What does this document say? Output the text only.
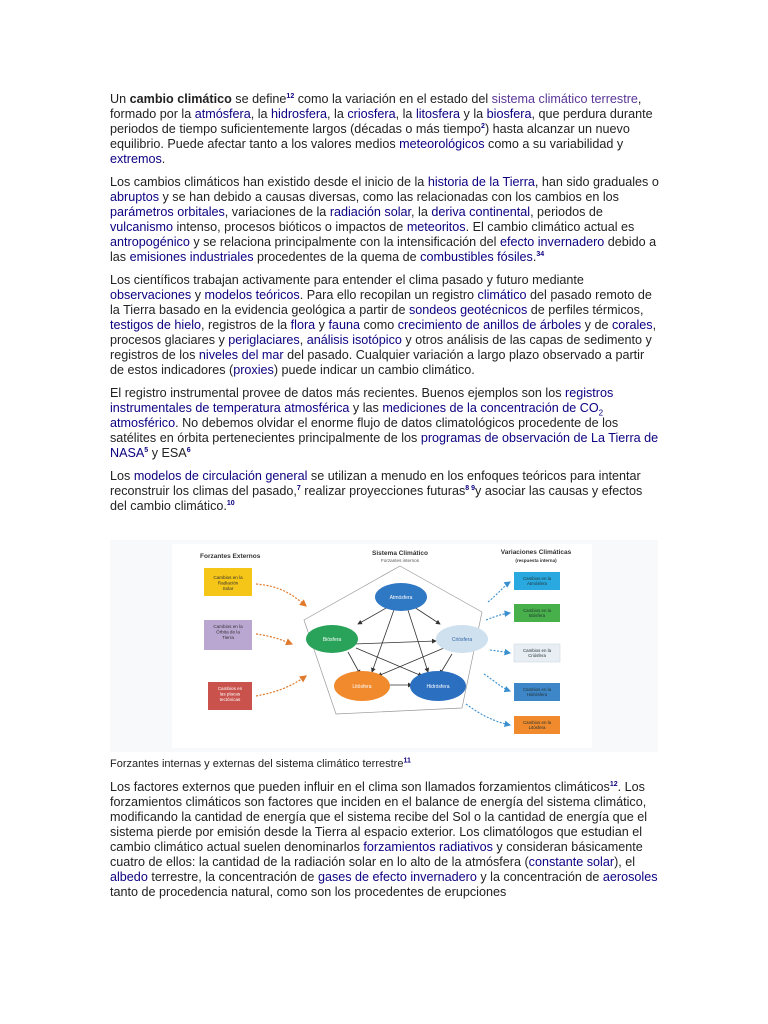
Un cambio climático se define$^{12}$ como la variación en el estado del sistema climático terrestre, formado por la atmósfera, la hidrosfera, la criosfera, la litosfera y la biosfera, que perdura durante periodos de tiempo suficientemente largos (décadas o más tiempo$^2$) hasta alcanzar un nuevo equilibrio. Puede afectar tanto a los valores medios meteorológicos como a su variabilidad y extremos.

Los cambios climáticos han existido desde el inicio de la historia de la Tierra, han sido graduales o abruptos y se han debido a causas diversas, como las relacionadas con los cambios en los parámetros orbitales, variaciones de la radiación solar, la deriva continental, periodos de vulcanismo intenso, procesos bióticos o impactos de meteoritos. El cambio climático actual es antropogénico y se relaciona principalmente con la intensificación del efecto invernadero debido a las emisiones industriales procedentes de la quema de combustibles fósiles.$^{34}$

Los científicos trabajan activamente para entender el clima pasado y futuro mediante observaciones y modelos teóricos. Para ello recopilan un registro climático del pasado remoto de la Tierra basado en la evidencia geológica a partir de sondeos geotécnicos de perfiles térmicos, testigos de hielo, registros de la flora y fauna como crecimiento de anillos de árboles y de corales, procesos glaciares y periglaciares, análisis isotópico y otros análisis de las capas de sedimento y registros de los niveles del mar del pasado. Cualquier variación a largo plazo observado a partir de estos indicadores (proxies) puede indicar un cambio climático.

El registro instrumental provee de datos más recientes. Buenos ejemplos son los registros instrumentales de temperatura atmosférica y las mediciones de la concentración de $CO_2$ atmosférico. No debemos olvidar el enorme flujo de datos climatológicos procedente de los satélites en órbita pertenecientes principalmente de los programas de observación de La Tierra de NASA$^5$ y ESA$^6$

Los modelos de circulación general se utilizan a menudo en los enfoques teóricos para intentar reconstruir los climas del pasado,$^7$ realizar proyecciones futuras$^{8 9}$y asociar las causas y efectos del cambio climático.$^{10}$

Forzantes Externos
Cambios en la Radiación Solar
Cambios en la Órbita de la Tierra
Cambios en las placas tectónicas
Sistema Climático
Forzantes internos
Atmósfera
Biósfera	Criósfera
Litósfera	Hidrósfera
Variaciones Climáticas
(respuesta interna)
Cambios en la Atmósfera
Cambios en la Biósfera
Cambios en la Criósfera
Cambios en la Hidrósfera
Cambios en la Litósfera
Forzantes internas y externas del sistema climático terrestre$^{11}$

Los factores externos que pueden influir en el clima son llamados forzamientos climáticos$^{12}$. Los forzamientos climáticos son factores que inciden en el balance de energía del sistema climático, modificando la cantidad de energía que el sistema recibe del Sol o la cantidad de energía que el sistema pierde por emisión desde la Tierra al espacio exterior. Los climatólogos que estudian el cambio climático actual suelen denominarlos forzamientos radiativos y consideran básicamente cuatro de ellos: la cantidad de la radiación solar en lo alto de la atmósfera (constante solar), el albedo terrestre, la concentración de gases de efecto invernadero y la concentración de aerosoles tanto de procedencia natural, como son los procedentes de erupciones
